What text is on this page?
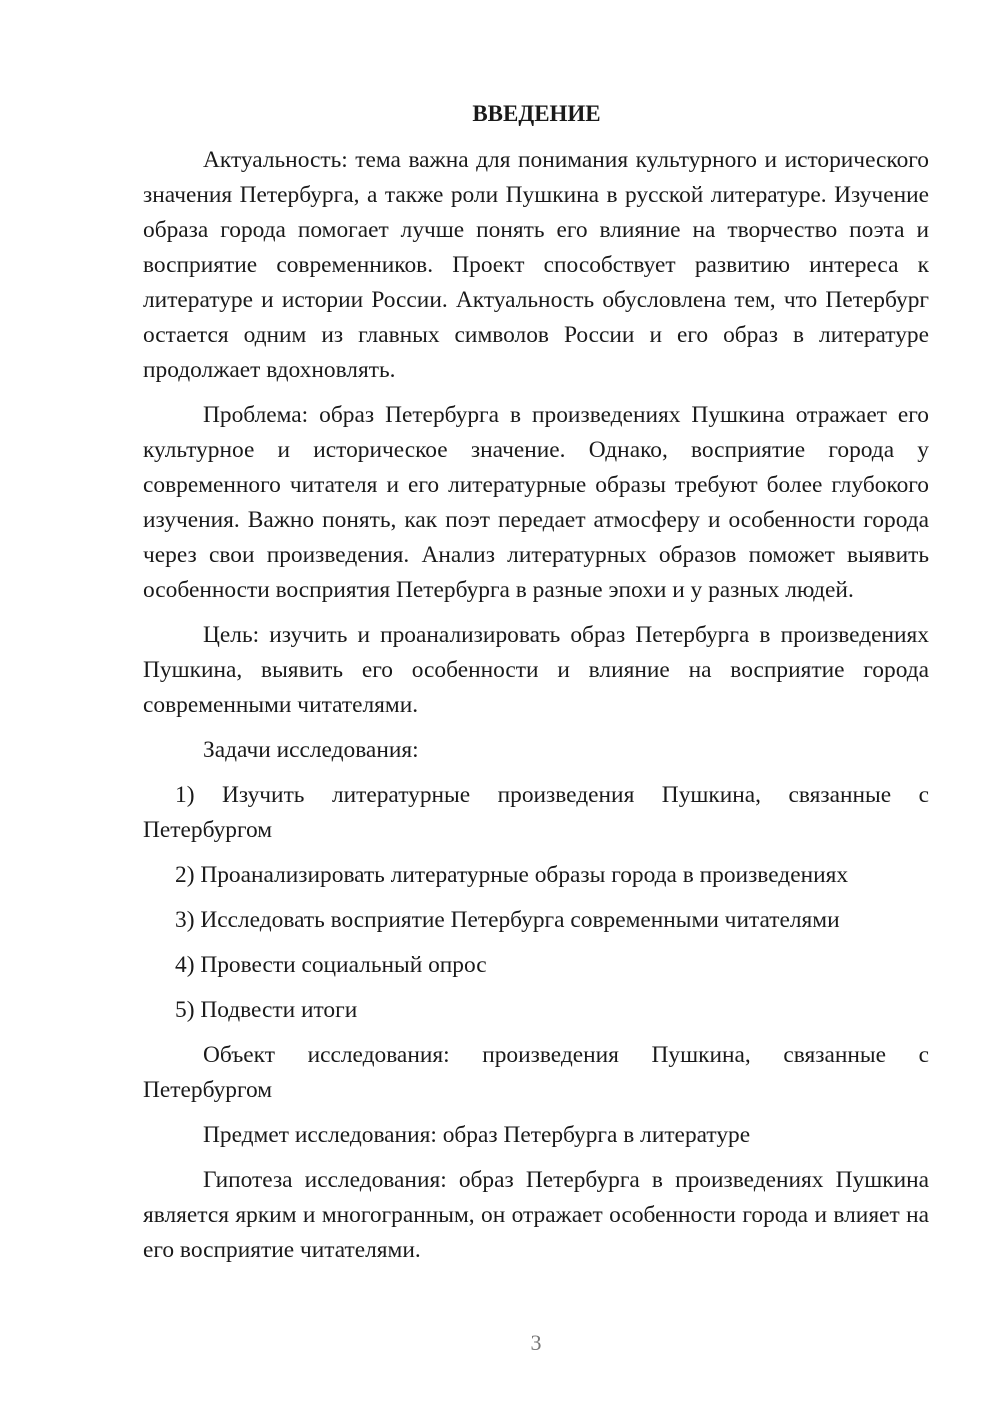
ВВЕДЕНИЕ

Актуальность: тема важна для понимания культурного и исторического значения Петербурга, а также роли Пушкина в русской литературе. Изучение образа города помогает лучше понять его влияние на творчество поэта и восприятие современников. Проект способствует развитию интереса к литературе и истории России. Актуальность обусловлена тем, что Петербург остается одним из главных символов России и его образ в литературе продолжает вдохновлять.

Проблема: образ Петербурга в произведениях Пушкина отражает его культурное и историческое значение. Однако, восприятие города у современного читателя и его литературные образы требуют более глубокого изучения. Важно понять, как поэт передает атмосферу и особенности города через свои произведения. Анализ литературных образов поможет выявить особенности восприятия Петербурга в разные эпохи и у разных людей.

Цель: изучить и проанализировать образ Петербурга в произведениях Пушкина, выявить его особенности и влияние на восприятие города современными читателями.

Задачи исследования:

1) Изучить литературные произведения Пушкина, связанные с Петербургом

2) Проанализировать литературные образы города в произведениях

3) Исследовать восприятие Петербурга современными читателями

4) Провести социальный опрос

5) Подвести итоги

Объект исследования: произведения Пушкина, связанные с Петербургом

Предмет исследования: образ Петербурга в литературе

Гипотеза исследования: образ Петербурга в произведениях Пушкина является ярким и многогранным, он отражает особенности города и влияет на его восприятие читателями.

3
